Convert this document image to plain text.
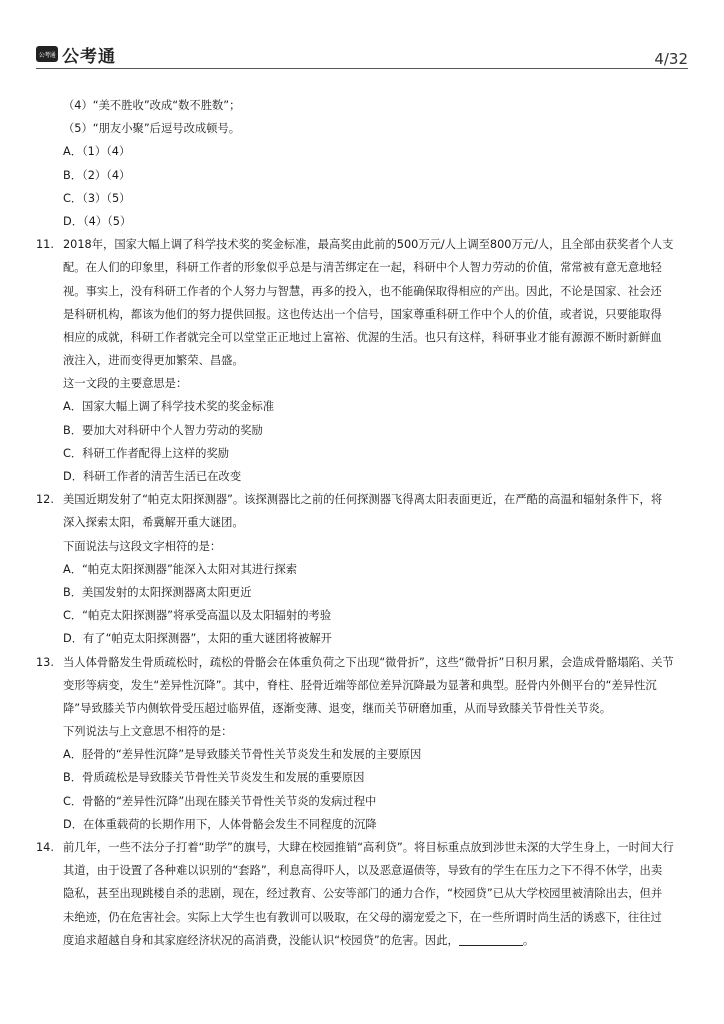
公考通 公考通	4/32
（4）“美不胜收”改成“数不胜数”；
（5）“朋友小聚”后逗号改成顿号。
A．（1）（4）
B．（2）（4）
C．（3）（5）
D．（4）（5）
11. 2018年，国家大幅上调了科学技术奖的奖金标准，最高奖由此前的500万元/人上调至800万元/人，且全部由获奖者个人支
配。在人们的印象里，科研工作者的形象似乎总是与清苦绑定在一起，科研中个人智力劳动的价值，常常被有意无意地轻
视。事实上，没有科研工作者的个人努力与智慧，再多的投入，也不能确保取得相应的产出。因此，不论是国家、社会还
是科研机构，都该为他们的努力提供回报。这也传达出一个信号，国家尊重科研工作中个人的价值，或者说，只要能取得
相应的成就，科研工作者就完全可以堂堂正正地过上富裕、优渥的生活。也只有这样，科研事业才能有源源不断时新鲜血
液注入，进而变得更加繁荣、昌盛。
这一文段的主要意思是：
A．国家大幅上调了科学技术奖的奖金标准
B．要加大对科研中个人智力劳动的奖励
C．科研工作者配得上这样的奖励
D．科研工作者的清苦生活已在改变
12. 美国近期发射了“帕克太阳探测器”。该探测器比之前的任何探测器飞得离太阳表面更近，在严酷的高温和辐射条件下，将
深入探索太阳，希冀解开重大谜团。
下面说法与这段文字相符的是：
A．“帕克太阳探测器”能深入太阳对其进行探索
B．美国发射的太阳探测器离太阳更近
C．“帕克太阳探测器”将承受高温以及太阳辐射的考验
D．有了“帕克太阳探测器”，太阳的重大谜团将被解开
13. 当人体骨骼发生骨质疏松时，疏松的骨骼会在体重负荷之下出现“微骨折”，这些“微骨折”日积月累，会造成骨骼塌陷、关节
变形等病变，发生“差异性沉降”。其中，脊柱、胫骨近端等部位差异沉降最为显著和典型。胫骨内外侧平台的“差异性沉
降”导致膝关节内侧软骨受压超过临界值，逐渐变薄、退变，继而关节研磨加重，从而导致膝关节骨性关节炎。
下列说法与上文意思不相符的是：
A．胫骨的“差异性沉降”是导致膝关节骨性关节炎发生和发展的主要原因
B．骨质疏松是导致膝关节骨性关节炎发生和发展的重要原因
C．骨骼的“差异性沉降”出现在膝关节骨性关节炎的发病过程中
D．在体重载荷的长期作用下，人体骨骼会发生不同程度的沉降
14. 前几年，一些不法分子打着“助学”的旗号，大肆在校园推销“高利贷”。将目标重点放到涉世未深的大学生身上，一时间大行
其道，由于设置了各种难以识别的“套路”，利息高得吓人，以及恶意逼债等，导致有的学生在压力之下不得不休学，出卖
隐私，甚至出现跳楼自杀的悲剧，现在，经过教育、公安等部门的通力合作，“校园贷”已从大学校园里被清除出去，但并
未绝迹，仍在危害社会。实际上大学生也有教训可以吸取，在父母的溺宠爱之下，在一些所谓时尚生活的诱惑下，往往过
度追求超越自身和其家庭经济状况的高消费，没能认识“校园贷”的危害。因此，	。
